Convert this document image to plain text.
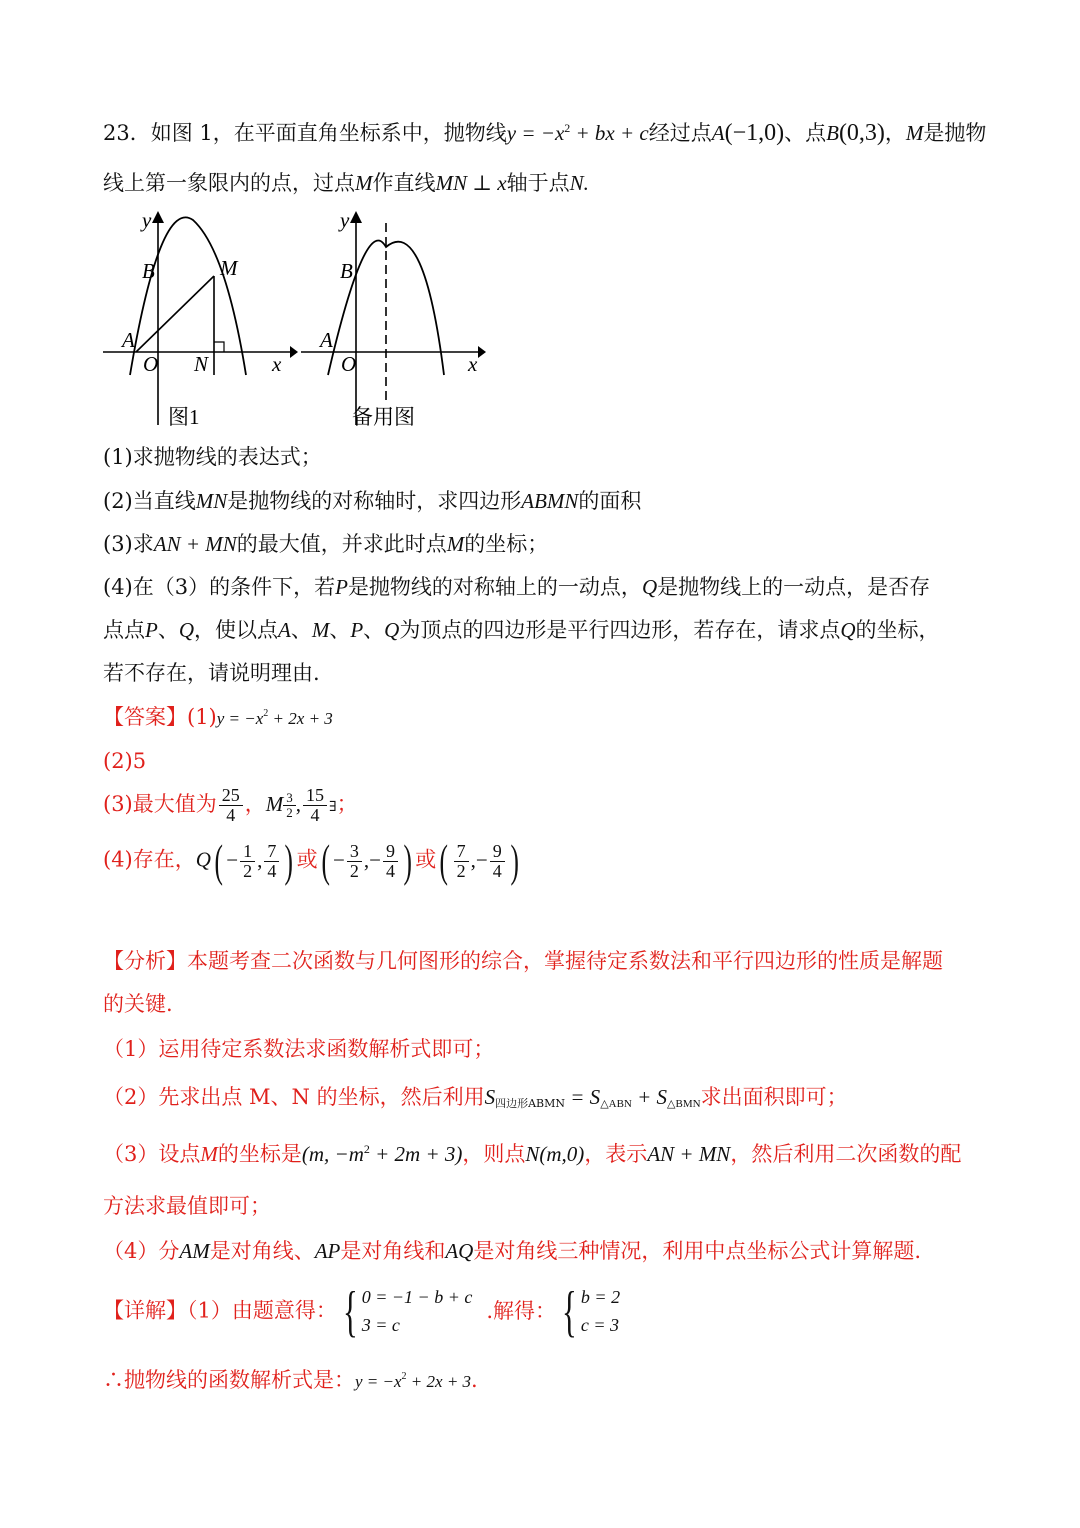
23．如图 1，在平面直角坐标系中，抛物线$y = -x^2$ + bx + c经过点A(−1,0)、点B(0,3)，M是抛物
线上第一象限内的点，过点M作直线MN ⊥ x轴于点N.
y
B	M
A
O N	x
图1
y
B
A
O	x
备用图
(1)求抛物线的表达式；
(2)当直线MN是抛物线的对称轴时，求四边形ABMN的面积
(3)求AN + MN的最大值，并求此时点M的坐标；
(4)在（3）的条件下，若P是抛物线的对称轴上的一动点，Q是抛物线上的一动点，是否存
点点P、Q，使以点A、M、P、Q为顶点的四边形是平行四边形，若存在，请求点Q的坐标，
若不存在，请说明理由.
【答案】$(1)y = -x^2 + 2x + 3$
(2)5
(3)最大值为 $\frac{25}{4}$ ，M $\frac{3}{2}$ , $\frac{15}{4}$ ∃；
(4)存在，$Q( - \frac{1}{2}$ , $\frac{7}{4}$ ) 或( − $\frac{3}{2}$ ,− $\frac{9}{4}$ ) 或( $\frac{7}{2}$ ,− $\frac{9}{4}$ )
【分析】本题考查二次函数与几何图形的综合，掌握待定系数法和平行四边形的性质是解题
的关键.
（1）运用待定系数法求函数解析式即可；
（2）先求出点 M、N 的坐标，然后利用$S_{四边形ABMN} = S_{\triangle ABN} + S_{\triangle BMN}$求出面积即可；
（3）设点M的坐标是(m, $-m^2 + 2m + 3$)，则点N(m,0)，表示AN + MN，然后利用二次函数的配
方法求最值即可；
（4）分AM是对角线、AP是对角线和AQ是对角线三种情况，利用中点坐标公式计算解题.
【详解】（1）由题意得： { 0 = −1 − b + c
3 = c
.解得： { b = 2
c = 3
∴抛物线的函数解析式是：$y = -x^2 + 2x + 3$.
